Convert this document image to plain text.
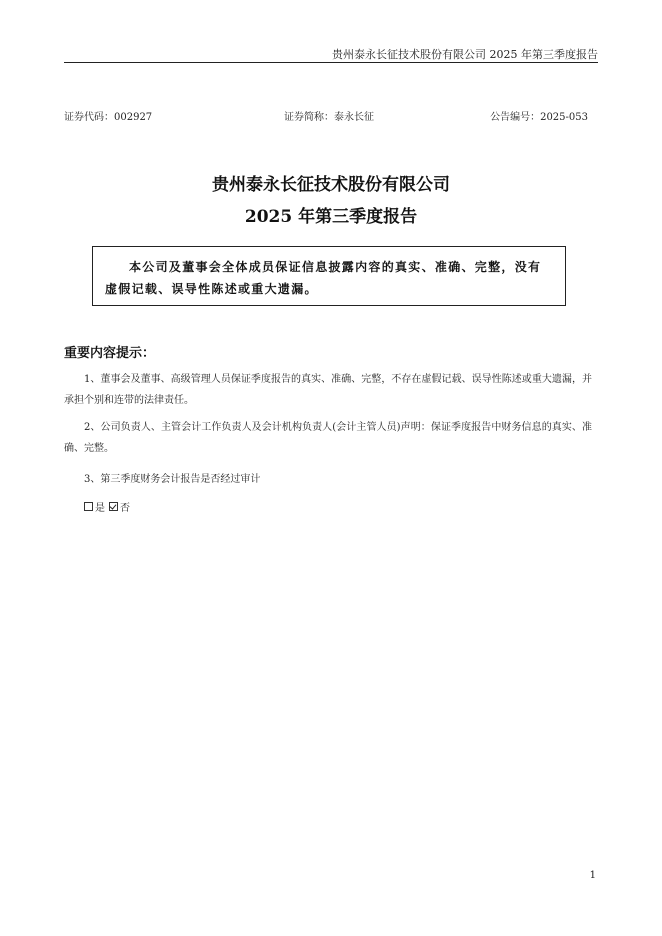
贵州泰永长征技术股份有限公司 2025 年第三季度报告
证券代码：002927	证券简称：泰永长征	公告编号：2025-053
贵州泰永长征技术股份有限公司
2025 年第三季度报告
本公司及董事会全体成员保证信息披露内容的真实、准确、完整，没有虚假记载、误导性陈述或重大遗漏。
重要内容提示：
1、董事会及董事、高级管理人员保证季度报告的真实、准确、完整，不存在虚假记载、误导性陈述或重大遗漏，并承担个别和连带的法律责任。
2、公司负责人、主管会计工作负责人及会计机构负责人(会计主管人员)声明：保证季度报告中财务信息的真实、准确、完整。
3、第三季度财务会计报告是否经过审计
是 否
1
